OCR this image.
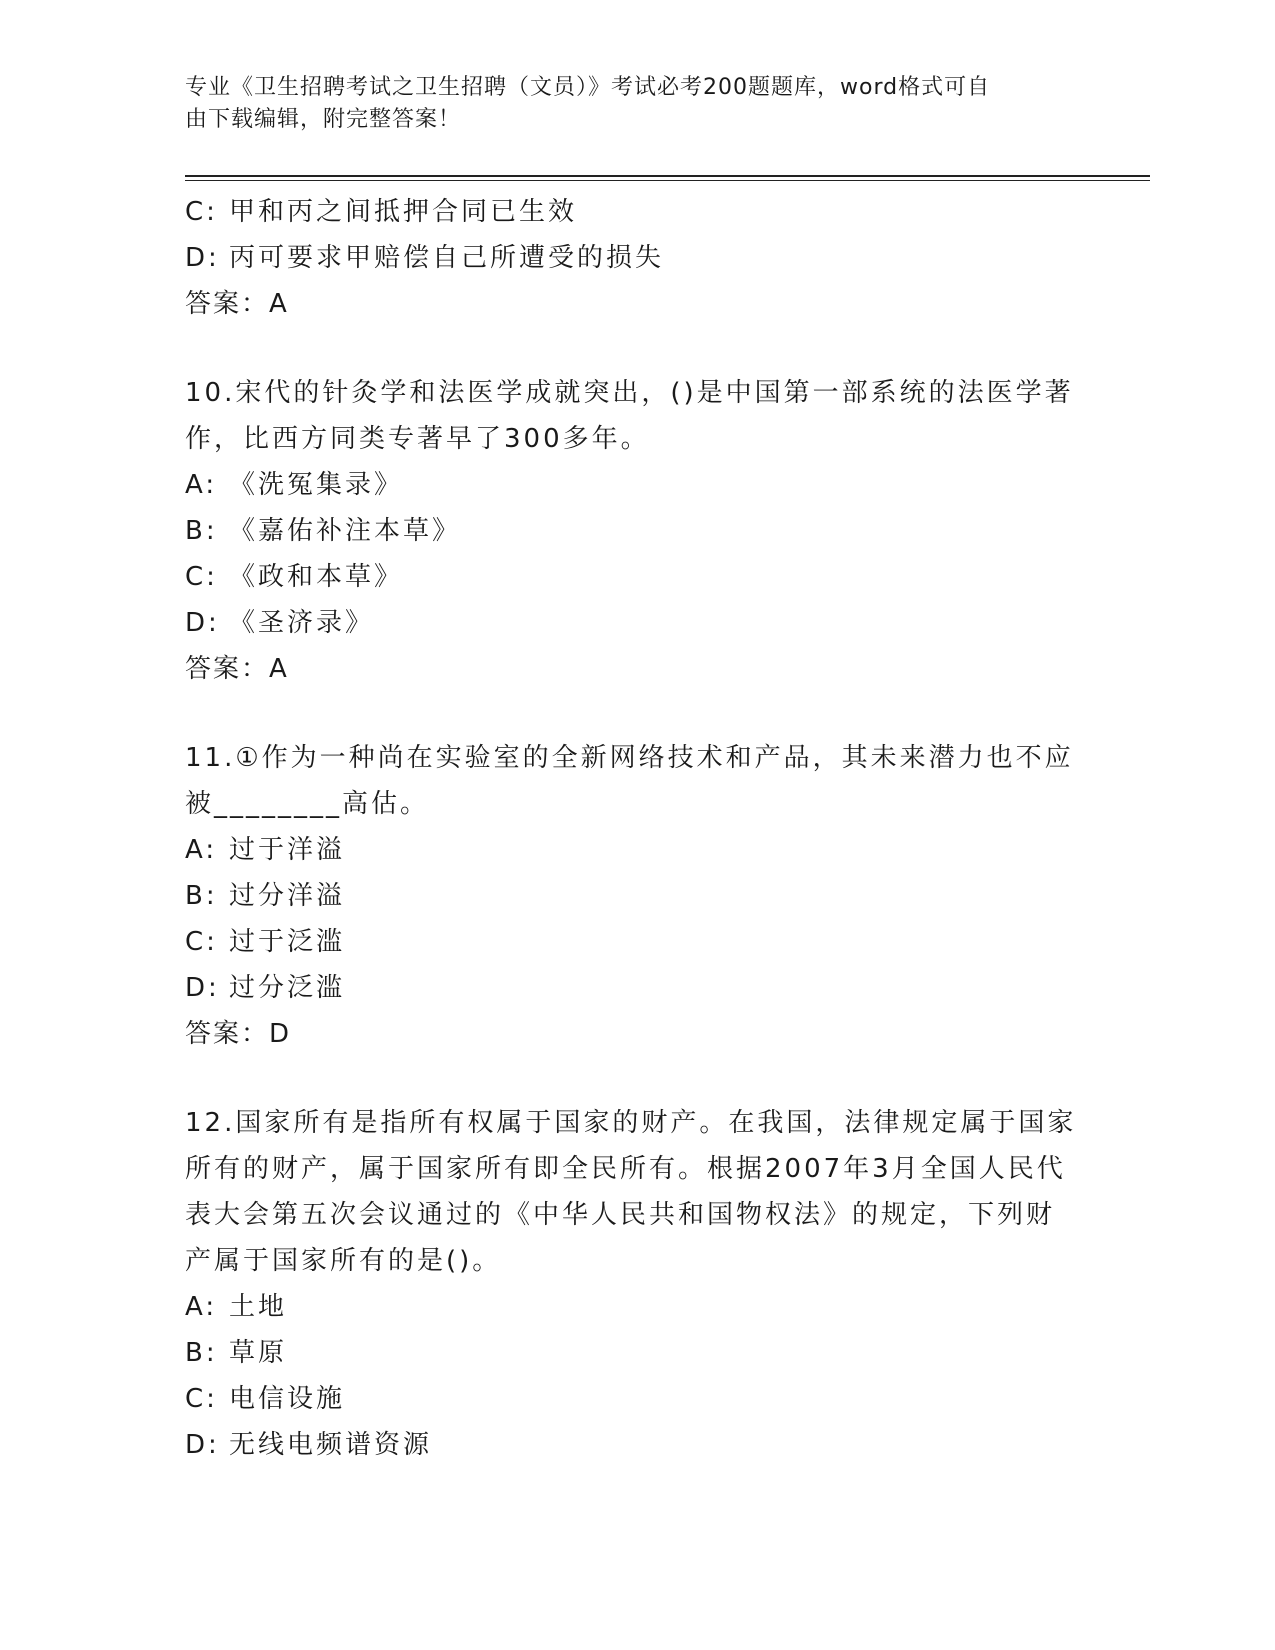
专业《卫生招聘考试之卫生招聘（文员）》考试必考200题题库，word格式可自
由下载编辑，附完整答案！
C: 甲和丙之间抵押合同已生效
D: 丙可要求甲赔偿自己所遭受的损失
答案：A
10.宋代的针灸学和法医学成就突出，()是中国第一部系统的法医学著
作，比西方同类专著早了300多年。
A: 《洗冤集录》
B: 《嘉佑补注本草》
C: 《政和本草》
D: 《圣济录》
答案：A
11.①作为一种尚在实验室的全新网络技术和产品，其未来潜力也不应
被________高估。
A: 过于洋溢
B: 过分洋溢
C: 过于泛滥
D: 过分泛滥
答案：D
12.国家所有是指所有权属于国家的财产。在我国，法律规定属于国家
所有的财产，属于国家所有即全民所有。根据2007年3月全国人民代
表大会第五次会议通过的《中华人民共和国物权法》的规定，下列财
产属于国家所有的是()。
A: 土地
B: 草原
C: 电信设施
D: 无线电频谱资源
